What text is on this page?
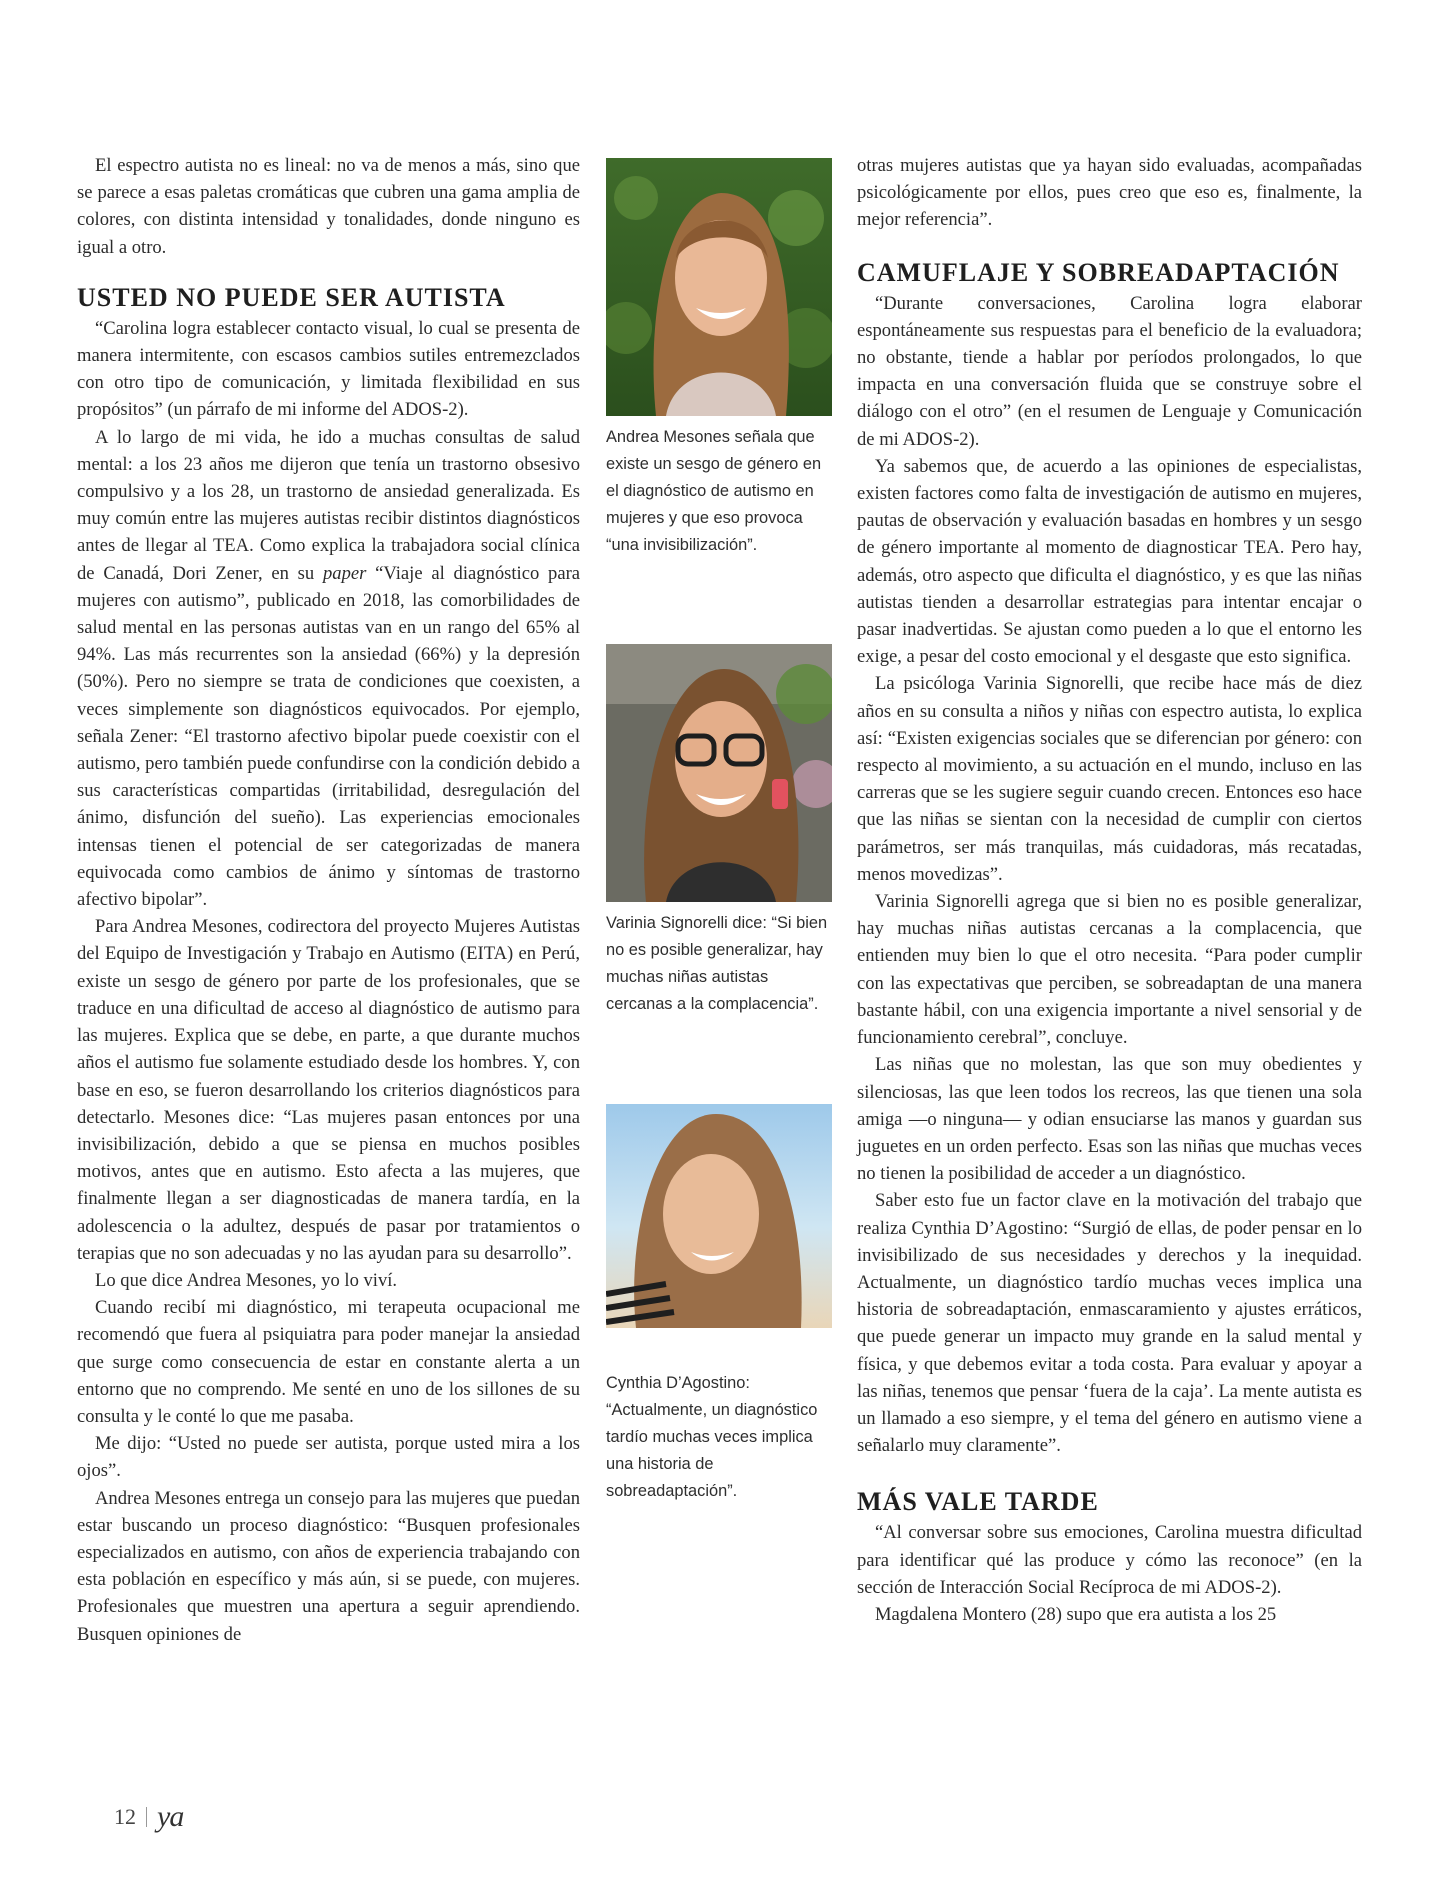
El espectro autista no es lineal: no va de menos a más, sino que se parece a esas paletas cromáticas que cubren una gama amplia de colores, con distinta intensidad y tonalidades, donde ninguno es igual a otro.

USTED NO PUEDE SER AUTISTA

“Carolina logra establecer contacto visual, lo cual se presenta de manera intermitente, con escasos cambios sutiles entremezclados con otro tipo de comunicación, y limitada flexibilidad en sus propósitos” (un párrafo de mi informe del ADOS-2).

A lo largo de mi vida, he ido a muchas consultas de salud mental: a los 23 años me dijeron que tenía un trastorno obsesivo compulsivo y a los 28, un trastorno de ansiedad generalizada. Es muy común entre las mujeres autistas recibir distintos diagnósticos antes de llegar al TEA. Como explica la trabajadora social clínica de Canadá, Dori Zener, en su paper “Viaje al diagnóstico para mujeres con autismo”, publicado en 2018, las comorbilidades de salud mental en las personas autistas van en un rango del 65% al 94%. Las más recurrentes son la ansiedad (66%) y la depresión (50%). Pero no siempre se trata de condiciones que coexisten, a veces simplemente son diagnósticos equivocados. Por ejemplo, señala Zener: “El trastorno afectivo bipolar puede coexistir con el autismo, pero también puede confundirse con la condición debido a sus características compartidas (irritabilidad, desregulación del ánimo, disfunción del sueño). Las experiencias emocionales intensas tienen el potencial de ser categorizadas de manera equivocada como cambios de ánimo y síntomas de trastorno afectivo bipolar”.

Para Andrea Mesones, codirectora del proyecto Mujeres Autistas del Equipo de Investigación y Trabajo en Autismo (EITA) en Perú, existe un sesgo de género por parte de los profesionales, que se traduce en una dificultad de acceso al diagnóstico de autismo para las mujeres. Explica que se debe, en parte, a que durante muchos años el autismo fue solamente estudiado desde los hombres. Y, con base en eso, se fueron desarrollando los criterios diagnósticos para detectarlo. Mesones dice: “Las mujeres pasan entonces por una invisibilización, debido a que se piensa en muchos posibles motivos, antes que en autismo. Esto afecta a las mujeres, que finalmente llegan a ser diagnosticadas de manera tardía, en la adolescencia o la adultez, después de pasar por tratamientos o terapias que no son adecuadas y no las ayudan para su desarrollo”.

Lo que dice Andrea Mesones, yo lo viví.

Cuando recibí mi diagnóstico, mi terapeuta ocupacional me recomendó que fuera al psiquiatra para poder manejar la ansiedad que surge como consecuencia de estar en constante alerta a un entorno que no comprendo. Me senté en uno de los sillones de su consulta y le conté lo que me pasaba.

Me dijo: “Usted no puede ser autista, porque usted mira a los ojos”.

Andrea Mesones entrega un consejo para las mujeres que puedan estar buscando un proceso diagnóstico: “Busquen profesionales especializados en autismo, con años de experiencia trabajando con esta población en específico y más aún, si se puede, con mujeres. Profesionales que muestren una apertura a seguir aprendiendo. Busquen opiniones de

Andrea Mesones señala que existe un sesgo de género en el diagnóstico de autismo en mujeres y que eso provoca “una invisibilización”.

Varinia Signorelli dice: “Si bien no es posible generalizar, hay muchas niñas autistas cercanas a la complacencia”.

Cynthia D’Agostino: “Actualmente, un diagnóstico tardío muchas veces implica una historia de sobreadaptación”.

otras mujeres autistas que ya hayan sido evaluadas, acompañadas psicológicamente por ellos, pues creo que eso es, finalmente, la mejor referencia”.

CAMUFLAJE Y SOBREADAPTACIÓN

“Durante conversaciones, Carolina logra elaborar espontáneamente sus respuestas para el beneficio de la evaluadora; no obstante, tiende a hablar por períodos prolongados, lo que impacta en una conversación fluida que se construye sobre el diálogo con el otro” (en el resumen de Lenguaje y Comunicación de mi ADOS-2).

Ya sabemos que, de acuerdo a las opiniones de especialistas, existen factores como falta de investigación de autismo en mujeres, pautas de observación y evaluación basadas en hombres y un sesgo de género importante al momento de diagnosticar TEA. Pero hay, además, otro aspecto que dificulta el diagnóstico, y es que las niñas autistas tienden a desarrollar estrategias para intentar encajar o pasar inadvertidas. Se ajustan como pueden a lo que el entorno les exige, a pesar del costo emocional y el desgaste que esto significa.

La psicóloga Varinia Signorelli, que recibe hace más de diez años en su consulta a niños y niñas con espectro autista, lo explica así: “Existen exigencias sociales que se diferencian por género: con respecto al movimiento, a su actuación en el mundo, incluso en las carreras que se les sugiere seguir cuando crecen. Entonces eso hace que las niñas se sientan con la necesidad de cumplir con ciertos parámetros, ser más tranquilas, más cuidadoras, más recatadas, menos movedizas”.

Varinia Signorelli agrega que si bien no es posible generalizar, hay muchas niñas autistas cercanas a la complacencia, que entienden muy bien lo que el otro necesita. “Para poder cumplir con las expectativas que perciben, se sobreadaptan de una manera bastante hábil, con una exigencia importante a nivel sensorial y de funcionamiento cerebral”, concluye.

Las niñas que no molestan, las que son muy obedientes y silenciosas, las que leen todos los recreos, las que tienen una sola amiga —o ninguna— y odian ensuciarse las manos y guardan sus juguetes en un orden perfecto. Esas son las niñas que muchas veces no tienen la posibilidad de acceder a un diagnóstico.

Saber esto fue un factor clave en la motivación del trabajo que realiza Cynthia D’Agostino: “Surgió de ellas, de poder pensar en lo invisibilizado de sus necesidades y derechos y la inequidad. Actualmente, un diagnóstico tardío muchas veces implica una historia de sobreadaptación, enmascaramiento y ajustes erráticos, que puede generar un impacto muy grande en la salud mental y física, y que debemos evitar a toda costa. Para evaluar y apoyar a las niñas, tenemos que pensar ‘fuera de la caja’. La mente autista es un llamado a eso siempre, y el tema del género en autismo viene a señalarlo muy claramente”.

MÁS VALE TARDE

“Al conversar sobre sus emociones, Carolina muestra dificultad para identificar qué las produce y cómo las reconoce” (en la sección de Interacción Social Recíproca de mi ADOS-2).

Magdalena Montero (28) supo que era autista a los 25

12 ya
